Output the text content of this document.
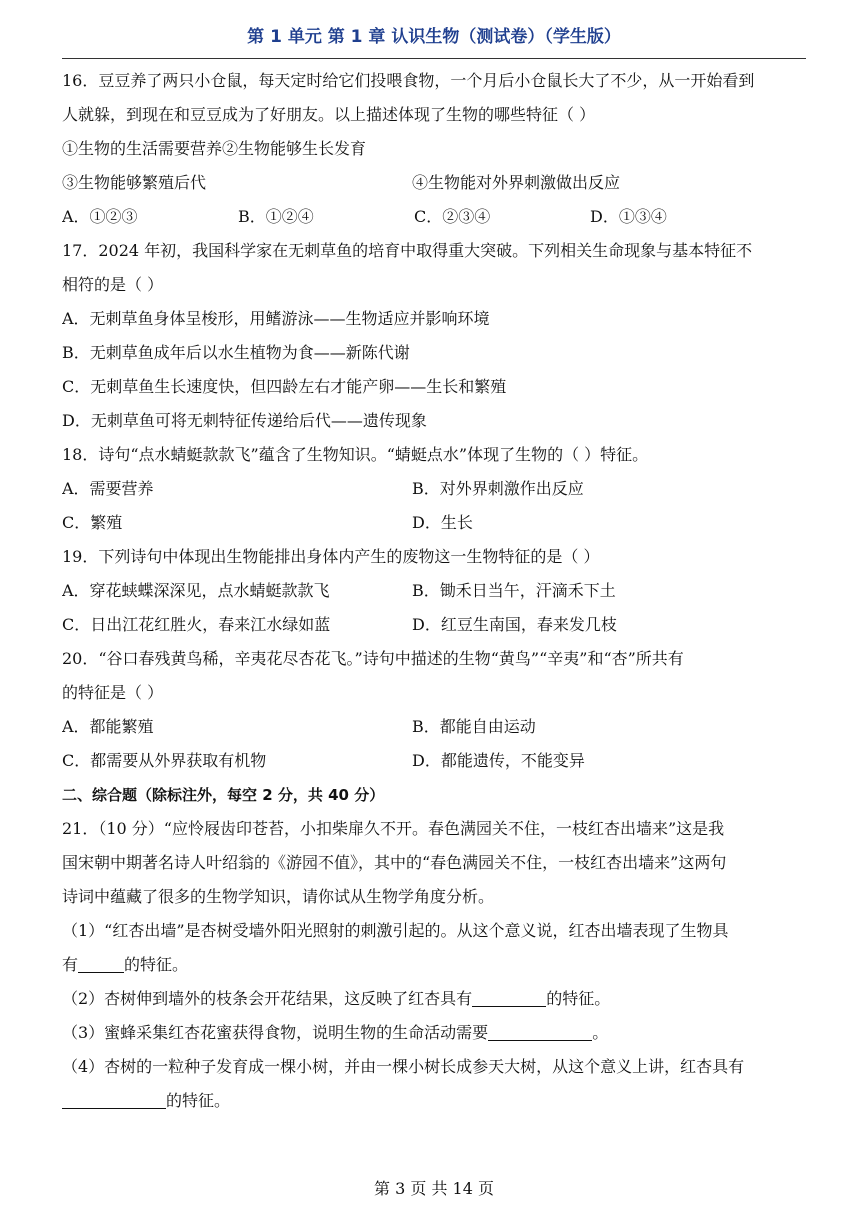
第 1 单元 第 1 章 认识生物（测试卷）（学生版）
16．豆豆养了两只小仓鼠，每天定时给它们投喂食物，一个月后小仓鼠长大了不少，从一开始看到
人就躲，到现在和豆豆成为了好朋友。以上描述体现了生物的哪些特征（ ）
①生物的生活需要营养②生物能够生长发育
③生物能够繁殖后代	④生物能对外界刺激做出反应
A．①②③	B．①②④	C．②③④	D．①③④
17．2024 年初，我国科学家在无刺草鱼的培育中取得重大突破。下列相关生命现象与基本特征不
相符的是（ ）
A．无刺草鱼身体呈梭形，用鳍游泳——生物适应并影响环境
B．无刺草鱼成年后以水生植物为食——新陈代谢
C．无刺草鱼生长速度快，但四龄左右才能产卵——生长和繁殖
D．无刺草鱼可将无刺特征传递给后代——遗传现象
18．诗句“点水蜻蜓款款飞”蕴含了生物知识。“蜻蜓点水”体现了生物的（ ）特征。
A．需要营养	B．对外界刺激作出反应
C．繁殖	D．生长
19．下列诗句中体现出生物能排出身体内产生的废物这一生物特征的是（ ）
A．穿花蛱蝶深深见，点水蜻蜓款款飞	B．锄禾日当午，汗滴禾下土
C．日出江花红胜火，春来江水绿如蓝	D．红豆生南国，春来发几枝
20．“谷口春残黄鸟稀，辛夷花尽杏花飞。”诗句中描述的生物“黄鸟”“辛夷”和“杏”所共有
的特征是（ ）
A．都能繁殖	B．都能自由运动
C．都需要从外界获取有机物	D．都能遗传，不能变异
二、综合题（除标注外，每空 2 分，共 40 分）
21．（10 分）“应怜屐齿印苍苔，小扣柴扉久不开。春色满园关不住，一枝红杏出墙来”这是我
国宋朝中期著名诗人叶绍翁的《游园不值》，其中的“春色满园关不住，一枝红杏出墙来”这两句
诗词中蕴藏了很多的生物学知识，请你试从生物学角度分析。
（1）“红杏出墙”是杏树受墙外阳光照射的刺激引起的。从这个意义说，红杏出墙表现了生物具
有	的特征。
（2）杏树伸到墙外的枝条会开花结果，这反映了红杏具有	的特征。
（3）蜜蜂采集红杏花蜜获得食物，说明生物的生命活动需要	。
（4）杏树的一粒种子发育成一棵小树，并由一棵小树长成参天大树，从这个意义上讲，红杏具有
的特征。
第 3 页 共 14 页
